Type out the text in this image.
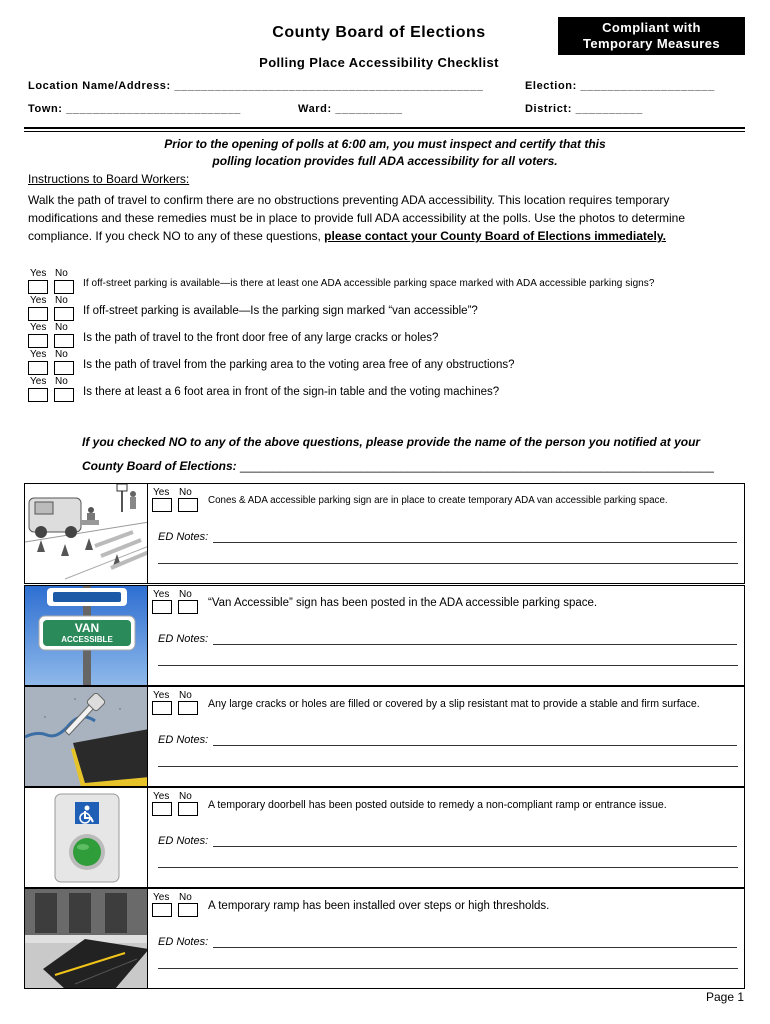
County Board of Elections	Compliant with
Temporary Measures
Polling Place Accessibility Checklist
Location Name/Address: ______________________________________________	Election: ____________________
Town: __________________________	Ward: __________	District: __________
Prior to the opening of polls at 6:00 am, you must inspect and certify that this
polling location provides full ADA accessibility for all voters.
Instructions to Board Workers:
Walk the path of travel to confirm there are no obstructions preventing ADA accessibility. This location requires temporary modifications and these remedies must be in place to provide full ADA accessibility at the polls. Use the photos to determine compliance. If you check NO to any of these questions, please contact your County Board of Elections immediately.
Yes No
If off-street parking is available—is there at least one ADA accessible parking space marked with ADA accessible parking signs?
Yes No
If off-street parking is available—Is the parking sign marked “van accessible”?
Yes No
Is the path of travel to the front door free of any large cracks or holes?
Yes No
Is the path of travel from the parking area to the voting area free of any obstructions?
Yes No
Is there at least a 6 foot area in front of the sign-in table and the voting machines?
If you checked NO to any of the above questions, please provide the name of the person you notified at your
County Board of Elections: _______________________________________________________________________
Yes No
Cones & ADA accessible parking sign are in place to create temporary ADA van accessible parking space.
ED Notes:
VAN
ACCESSIBLE
Yes No
“Van Accessible” sign has been posted in the ADA accessible parking space.
ED Notes:
Yes No
Any large cracks or holes are filled or covered by a slip resistant mat to provide a stable and firm surface.
ED Notes:
Yes No
A temporary doorbell has been posted outside to remedy a non-compliant ramp or entrance issue.
ED Notes:
Yes No
A temporary ramp has been installed over steps or high thresholds.
ED Notes:
Page 1
